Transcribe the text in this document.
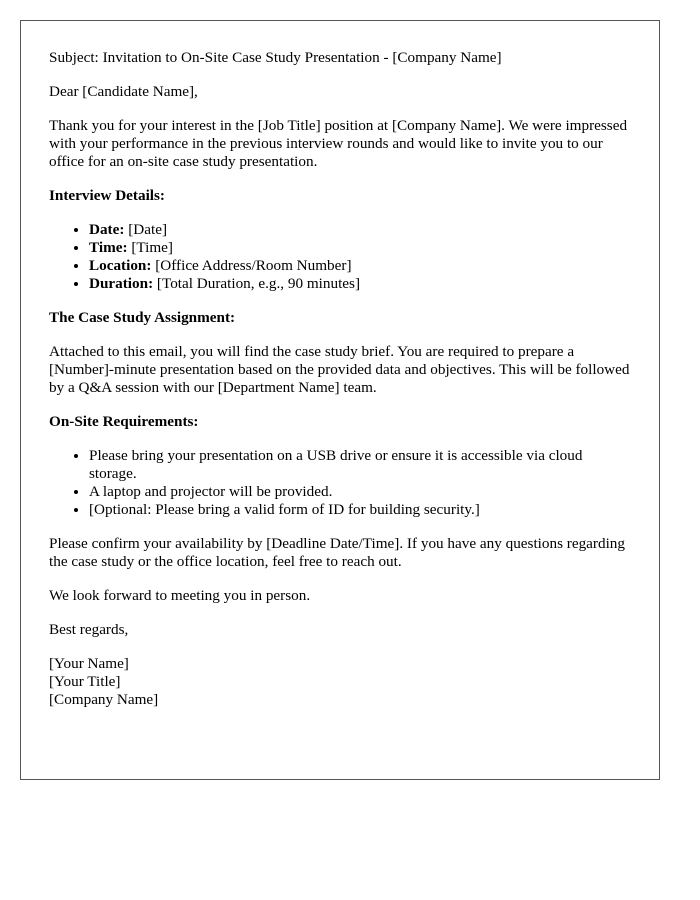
Subject: Invitation to On-Site Case Study Presentation - [Company Name]

Dear [Candidate Name],

Thank you for your interest in the [Job Title] position at [Company Name]. We were impressed with your performance in the previous interview rounds and would like to invite you to our office for an on-site case study presentation.

Interview Details:

• Date: [Date]
• Time: [Time]
• Location: [Office Address/Room Number]
• Duration: [Total Duration, e.g., 90 minutes]

The Case Study Assignment:

Attached to this email, you will find the case study brief. You are required to prepare a [Number]-minute presentation based on the provided data and objectives. This will be followed by a Q&A session with our [Department Name] team.

On-Site Requirements:

• Please bring your presentation on a USB drive or ensure it is accessible via cloud storage.
• A laptop and projector will be provided.
• [Optional: Please bring a valid form of ID for building security.]

Please confirm your availability by [Deadline Date/Time]. If you have any questions regarding the case study or the office location, feel free to reach out.

We look forward to meeting you in person.

Best regards,

[Your Name]
[Your Title]
[Company Name]
